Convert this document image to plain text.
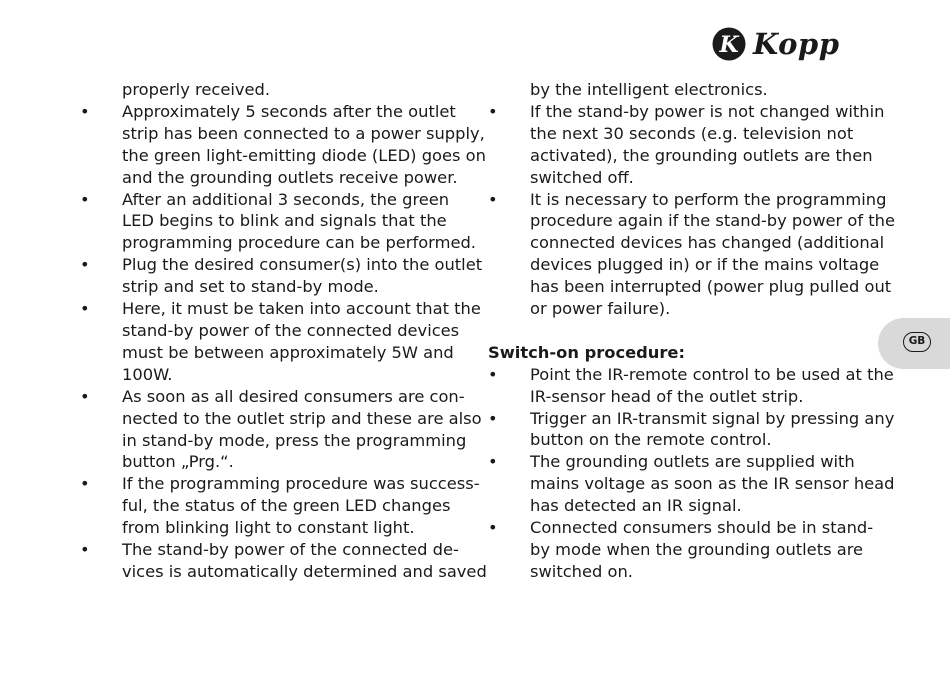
K Kopp
properly received.
•	Approximately 5 seconds after the outlet
strip has been connected to a power supply,
the green light-emitting diode (LED) goes on
and the grounding outlets receive power.
•	After an additional 3 seconds, the green
LED begins to blink and signals that the
programming procedure can be performed.
•	Plug the desired consumer(s) into the outlet
strip and set to stand-by mode.
•	Here, it must be taken into account that the
stand-by power of the connected devices
must be between approximately 5W and
100W.
•	As soon as all desired consumers are con-
nected to the outlet strip and these are also
in stand-by mode, press the programming
button „Prg.“.
•	If the programming procedure was success-
ful, the status of the green LED changes
from blinking light to constant light.
•	The stand-by power of the connected de-
vices is automatically determined and saved
by the intelligent electronics.
•	If the stand-by power is not changed within
the next 30 seconds (e.g. television not
activated), the grounding outlets are then
switched off.
•	It is necessary to perform the programming
procedure again if the stand-by power of the
connected devices has changed (additional
devices plugged in) or if the mains voltage
has been interrupted (power plug pulled out
or power failure).
Switch-on procedure:
•	Point the IR-remote control to be used at the
IR-sensor head of the outlet strip.
•	Trigger an IR-transmit signal by pressing any
button on the remote control.
•	The grounding outlets are supplied with
mains voltage as soon as the IR sensor head
has detected an IR signal.
•	Connected consumers should be in stand-
by mode when the grounding outlets are
switched on.
GB
